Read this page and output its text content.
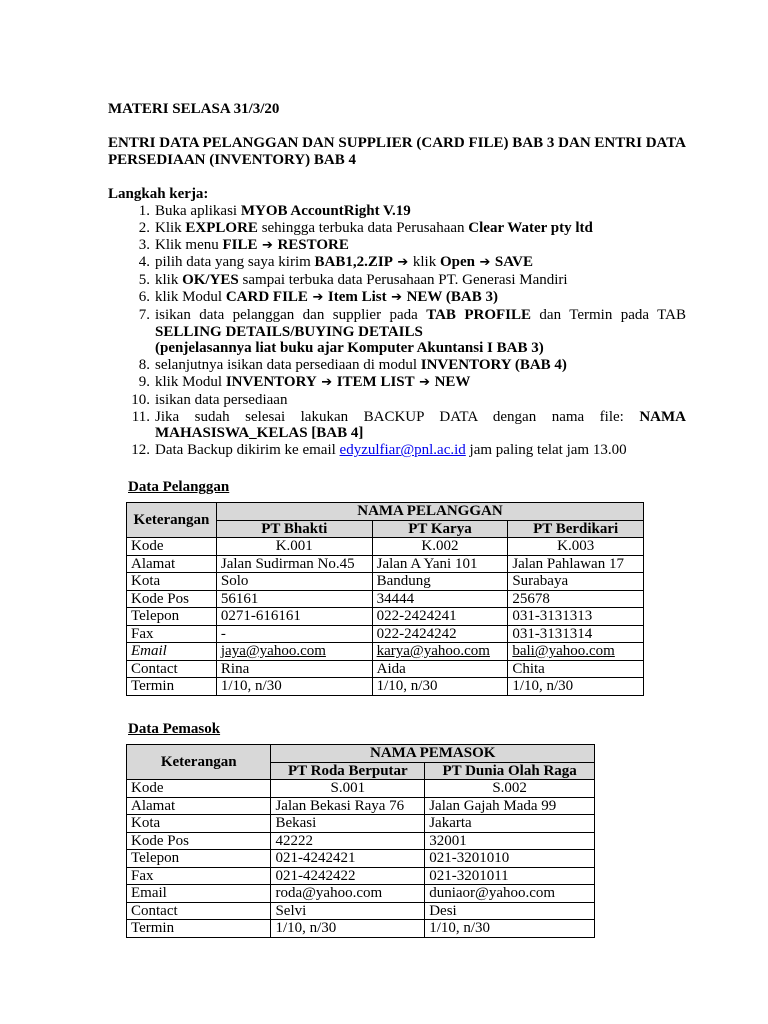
MATERI SELASA 31/3/20
ENTRI DATA PELANGGAN DAN SUPPLIER (CARD FILE) BAB 3 DAN ENTRI DATA PERSEDIAAN (INVENTORY) BAB 4
Langkah kerja:
1. Buka aplikasi MYOB AccountRight V.19
2. Klik EXPLORE sehingga terbuka data Perusahaan Clear Water pty ltd
3. Klik menu FILE ➔ RESTORE
4. pilih data yang saya kirim BAB1,2.ZIP ➔ klik Open ➔ SAVE
5. klik OK/YES sampai terbuka data Perusahaan PT. Generasi Mandiri
6. klik Modul CARD FILE ➔ Item List ➔ NEW (BAB 3)
7. isikan data pelanggan dan supplier pada TAB PROFILE dan Termin pada TAB SELLING DETAILS/BUYING DETAILS
(penjelasannya liat buku ajar Komputer Akuntansi I BAB 3)
8. selanjutnya isikan data persediaan di modul INVENTORY (BAB 4)
9. klik Modul INVENTORY ➔ ITEM LIST ➔ NEW
10. isikan data persediaan
11. Jika sudah selesai lakukan BACKUP DATA dengan nama file: NAMA MAHASISWA_KELAS [BAB 4]
12. Data Backup dikirim ke email edyzulfiar@pnl.ac.id jam paling telat jam 13.00
Data Pelanggan
Keterangan	NAMA PELANGGAN		
	PT Bhakti	PT Karya	PT Berdikari
Kode	K.001	K.002	K.003
Alamat	Jalan Sudirman No.45	Jalan A Yani 101	Jalan Pahlawan 17
Kota	Solo	Bandung	Surabaya
Kode Pos	56161	34444	25678
Telepon	0271-616161	022-2424241	031-3131313
Fax	-	022-2424242	031-3131314
Email	jaya@yahoo.com	karya@yahoo.com	bali@yahoo.com
Contact	Rina	Aida	Chita
Termin	1/10, n/30	1/10, n/30	1/10, n/30
Data Pemasok
Keterangan	NAMA PEMASOK	
	PT Roda Berputar	PT Dunia Olah Raga
Kode	S.001	S.002
Alamat	Jalan Bekasi Raya 76	Jalan Gajah Mada 99
Kota	Bekasi	Jakarta
Kode Pos	42222	32001
Telepon	021-4242421	021-3201010
Fax	021-4242422	021-3201011
Email	roda@yahoo.com	duniaor@yahoo.com
Contact	Selvi	Desi
Termin	1/10, n/30	1/10, n/30
